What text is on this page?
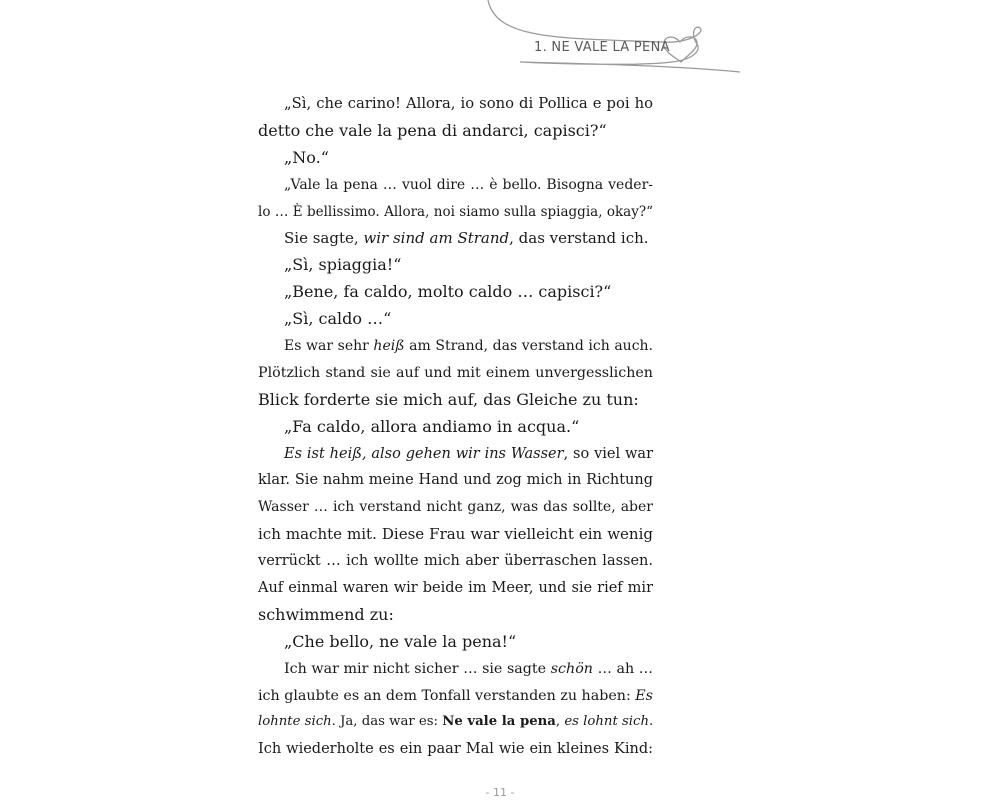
1. NE VALE LA PENA
„Sì, che carino! Allora, io sono di Pollica e poi ho
detto che vale la pena di andarci, capisci?“
„No.“
„Vale la pena … vuol dire … è bello. Bisogna veder-
lo … È bellissimo. Allora, noi siamo sulla spiaggia, okay?“
Sie sagte, wir sind am Strand, das verstand ich.
„Sì, spiaggia!“
„Bene, fa caldo, molto caldo … capisci?“
„Sì, caldo …“
Es war sehr heiß am Strand, das verstand ich auch.
Plötzlich stand sie auf und mit einem unvergesslichen
Blick forderte sie mich auf, das Gleiche zu tun:
„Fa caldo, allora andiamo in acqua.“
Es ist heiß, also gehen wir ins Wasser, so viel war
klar. Sie nahm meine Hand und zog mich in Richtung
Wasser … ich verstand nicht ganz, was das sollte, aber
ich machte mit. Diese Frau war vielleicht ein wenig
verrückt … ich wollte mich aber überraschen lassen.
Auf einmal waren wir beide im Meer, und sie rief mir
schwimmend zu:
„Che bello, ne vale la pena!“
Ich war mir nicht sicher … sie sagte schön … ah …
ich glaubte es an dem Tonfall verstanden zu haben: Es
lohnte sich. Ja, das war es: Ne vale la pena, es lohnt sich.
Ich wiederholte es ein paar Mal wie ein kleines Kind:
- 11 -
